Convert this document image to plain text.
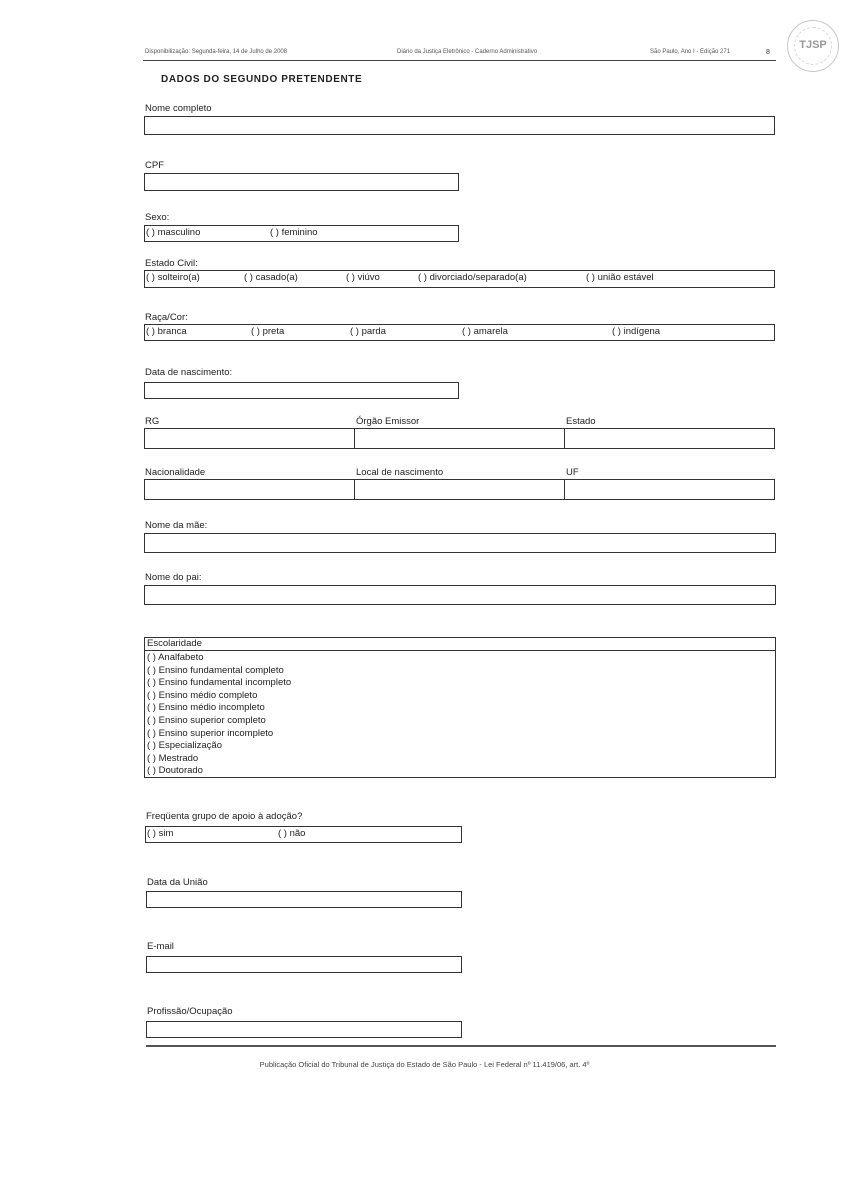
Disponibilização: Segunda-feira, 14 de Julho de 2008	Diário da Justiça Eletrônico - Caderno Administrativo	São Paulo, Ano I - Edição 271	8
TJSP
DADOS DO SEGUNDO PRETENDENTE
Nome completo
CPF
Sexo:
( ) masculino	( ) feminino
Estado Civil:
( ) solteiro(a)	( ) casado(a)	( ) viúvo	( ) divorciado/separado(a)	( ) união estável
Raça/Cor:
( ) branca	( ) preta	( ) parda	( ) amarela	( ) indígena
Data de nascimento:
RG	Órgão Emissor	Estado
Nacionalidade	Local de nascimento	UF
Nome da mãe:
Nome do pai:
Escolaridade
( ) Analfabeto
( ) Ensino fundamental completo
( ) Ensino fundamental incompleto
( ) Ensino médio completo
( ) Ensino médio incompleto
( ) Ensino superior completo
( ) Ensino superior incompleto
( ) Especialização
( ) Mestrado
( ) Doutorado
Freqüenta grupo de apoio à adoção?
( ) sim	( ) não
Data da União
E-mail
Profissão/Ocupação
Publicação Oficial do Tribunal de Justiça do Estado de São Paulo - Lei Federal nº 11.419/06, art. 4º
